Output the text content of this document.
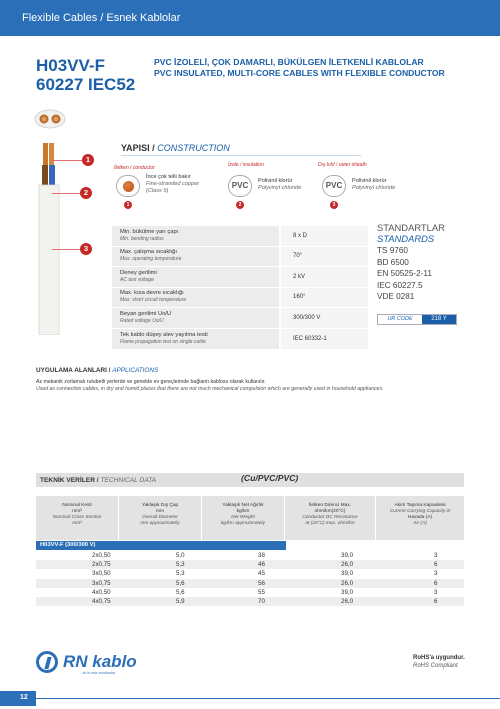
Flexible Cables / Esnek Kablolar
H03VV-F
60227 IEC52
PVC İZOLELİ, ÇOK DAMARLI, BÜKÜLGEN İLETKENLİ KABLOLAR
PVC INSULATED, MULTI-CORE CABLES WITH FLEXIBLE CONDUCTOR
YAPISI / CONSTRUCTION
1
2
3
İletken / conductor
İnce çok telli bakır
Fine-stranded copper
(Class 5)
1
İzole / insulation
PVC	Polivinil klorür
Polyvinyl chloride
2
Dış kılıf / outer sheath
PVC	Polivinil klorür
Polyvinyl chloride
3
Min. bükülme yarı çapı
Min. bending radius	8 x D

Max. çalışma sıcaklığı
Max. operating temperature	70°

Deney gerilimi
AC test voltage	2 kV

Max. kısa devre sıcaklığı
Max. short circuit temperature	160°

Beyan gerilimi Uo/U
Rated voltage Uo/U	300/300 V

Tek kablo düşey alev yayılma testi
Flame propagation test on single cable	IEC 60332-1
STANDARTLAR
STANDARDS
TS 9760
BD 6500
EN 50525-2-11
IEC 60227.5
VDE 0281
UR CODE	218 Y
UYGULAMA ALANLARI / APPLICATIONS
Az mekanik zorlamalı rutubetli yerlerde ve genelde ev gereçlerinde bağlantı kablosu olarak kullanılır.
Used as connection cables, in dry and humid places that there are not much mechanical compulsion which are generally used in household appliances.
TEKNİK VERİLER / TECHNICAL DATA	(Cu/PVC/PVC)
Nominal Kesit
mm²
Nominal Cross Section
mm²
Yaklaşık Dış Çap
mm
Overall Diameter
mm approximately
Yaklaşık Net Ağırlık
kg/km
Net Weight
kg/km approximately
İletken Direnci Max.
ohm/km(20°C)
Conductor DC Resistance
at (20°C) max. ohm/km
Akım Taşıma Kapasitesi
Current Carrying Capacity in
Havada (A)
Air (A)
H03VV-F (300/300 V)
2x0,50	5,0	38	39,0	3
2x0,75	5,3	46	26,0	6
3x0,50	5,3	45	39,0	3
3x0,75	5,6	56	26,0	6
4x0,50	5,6	55	39,0	3
4x0,75	5,9	70	26,0	6
RN kablo
...rk is one conductor
RoHS'a uygundur.
RoHS Compliant
12
